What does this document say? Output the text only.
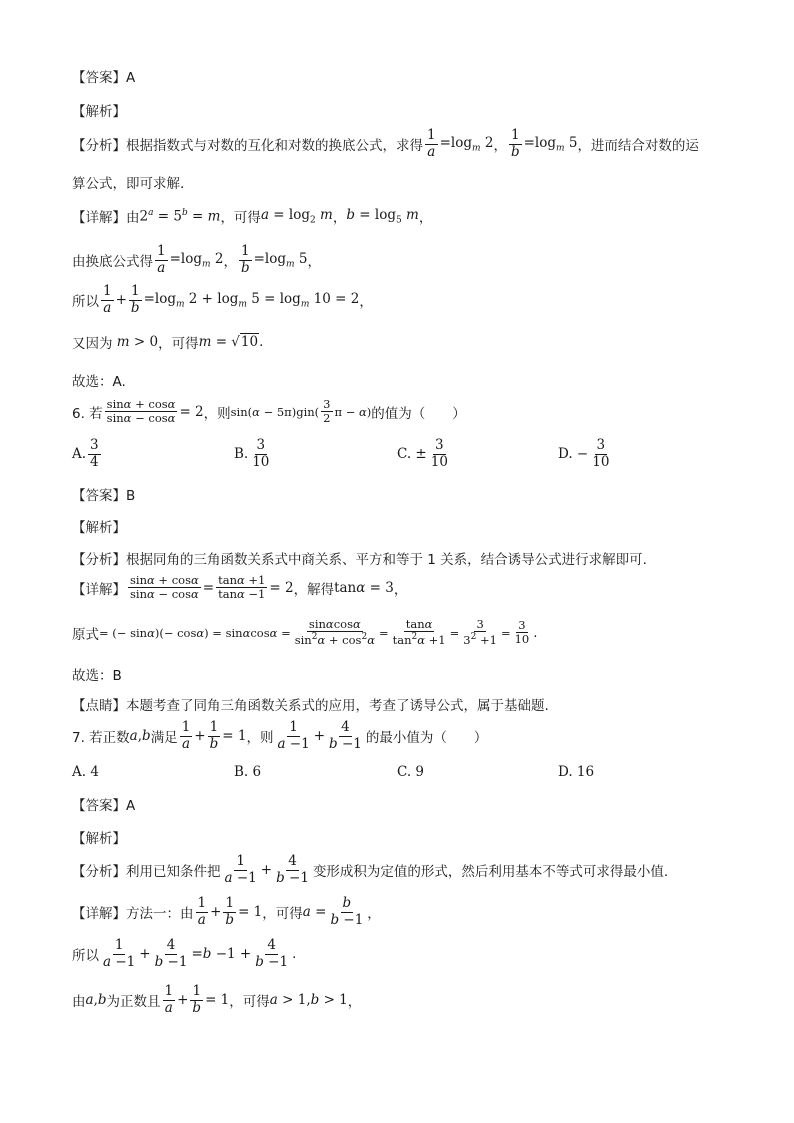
【答案】A
【解析】
【分析】根据指数式与对数的互化和对数的换底公式，求得 $\frac{1}{a} =\log_m$ 2 ， $\frac{1}{b} =\log_m$ 5 ，进而结合对数的运
算公式，即可求解.
【详解】由 $2^a = 5^b = m$ ，可得 $a = \log_2 m$ ， $b = \log_5 m$ ，
由换底公式得 $\frac{1}{a} =\log_m$ 2 ， $\frac{1}{b} =\log_m$ 5 ，
所以 $\frac{1}{a} + \frac{1}{b} =\log_m$ $2 + \log_m 5 = \log_m 10 = 2$ ，
又因为 m > 0 ，可得 m = √10 .
故选：A.
6. 若 $\frac{\sin\alpha + \cos\alpha}{\sin\alpha - \cos\alpha} = 2$ ，则 $\sin(\alpha - 5\pi)gin( \frac{3}{2}$ π − α) 的值为（　　）
A. $\frac{3}{4}$	B. $\frac{3}{10}$	C. ± $\frac{3}{10}$	D. − $\frac{3}{10}$
【答案】B
【解析】
【分析】根据同角的三角函数关系式中商关系、平方和等于 1 关系，结合诱导公式进行求解即可.
【详解】 $\frac{\sin\alpha + \cos\alpha}{\sin\alpha - \cos\alpha} = \frac{\tan\alpha +1}{\tan\alpha -1} = 2$ ，解得 tanα = 3 ，
原式 = (− $\sin\alpha)(- \cos\alpha) = \sin\alpha\cos\alpha = \frac{\sin\alpha\cos\alpha}{\sin^2\alpha + \cos^2\alpha} = \frac{\tan\alpha}{\tan^2\alpha +1} = \frac{3}{3^2 +1} = \frac{3}{10}$ .
故选：B
【点睛】本题考查了同角三角函数关系式的应用，考查了诱导公式，属于基础题.
7. 若正数 a , b 满足 $\frac{1}{a} + \frac{1}{b} = 1$ ，则 $\frac{1}{a -1} + \frac{4}{b -1}$ 的最小值为（　　）
A. 4	B. 6	C. 9	D. 16
【答案】A
【解析】
【分析】利用已知条件把 $\frac{1}{a -1} + \frac{4}{b -1}$ 变形成积为定值的形式，然后利用基本不等式可求得最小值.
【详解】方法一：由 $\frac{1}{a} + \frac{1}{b} = 1$ ，可得 $a = \frac{b}{b -1}$ ，
所以 $\frac{1}{a -1} + \frac{4}{b -1} =b -1 + \frac{4}{b -1}$ .
由 a , b 为正数且 $\frac{1}{a} + \frac{1}{b} = 1$ ，可得 a > 1,b > 1 ，
